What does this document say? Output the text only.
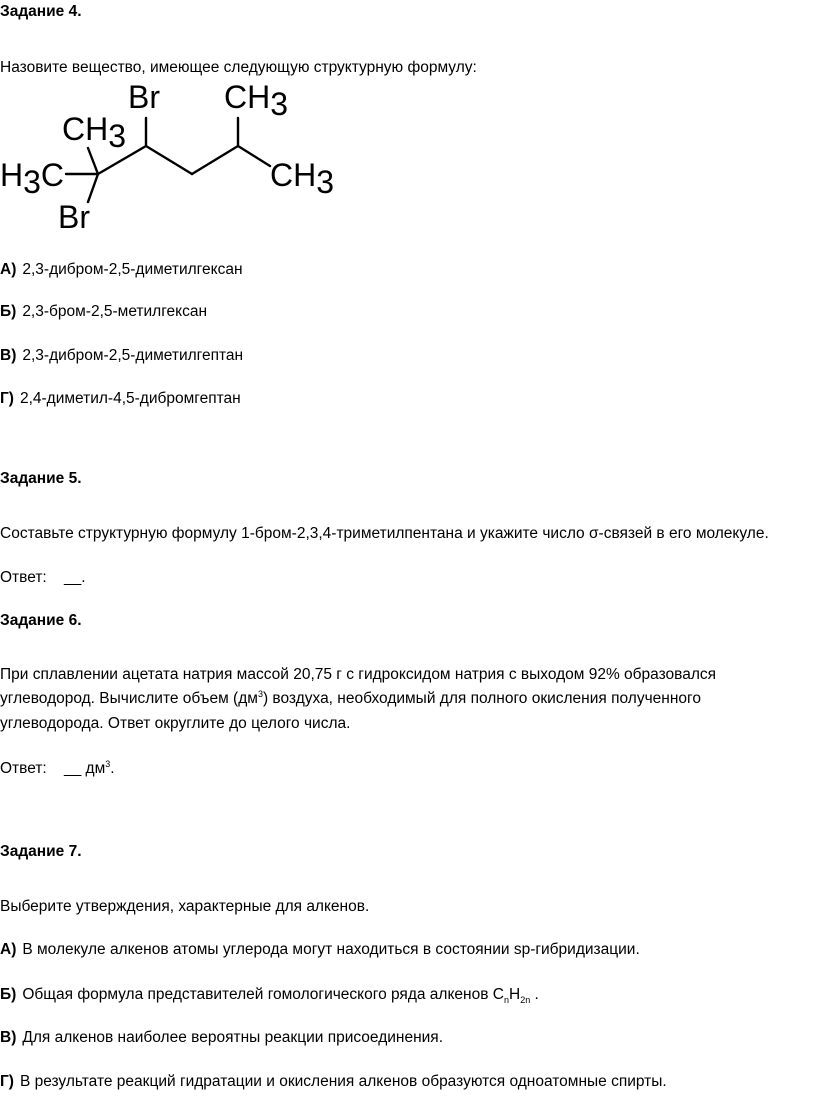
Задание 4.
Назовите вещество, имеющее следующую структурную формулу:
Br CH3
CH3
H3C	CH3
Br
А) 2,3-дибром-2,5-диметилгексан
Б) 2,3-бром-2,5-метилгексан
В) 2,3-дибром-2,5-диметилгептан
Г) 2,4-диметил-4,5-дибромгептан
Задание 5.
Составьте структурную формулу 1-бром-2,3,4-триметилпентана и укажите число σ-связей в его молекуле.
Ответ: __.
Задание 6.
При сплавлении ацетата натрия массой 20,75 г с гидроксидом натрия с выходом 92% образовался
углеводород. Вычислите объем $(дм^3)$ воздуха, необходимый для полного окисления полученного
углеводорода. Ответ округлите до целого числа.
Ответ: __ $дм^3$.
Задание 7.
Выберите утверждения, характерные для алкенов.
А) В молекуле алкенов атомы углерода могут находиться в состоянии sp-гибридизации.
Б) Общая формула представителей гомологического ряда алкенов $C_nH_{2n}$ .
В) Для алкенов наиболее вероятны реакции присоединения.
Г) В результате реакций гидратации и окисления алкенов образуются одноатомные спирты.
